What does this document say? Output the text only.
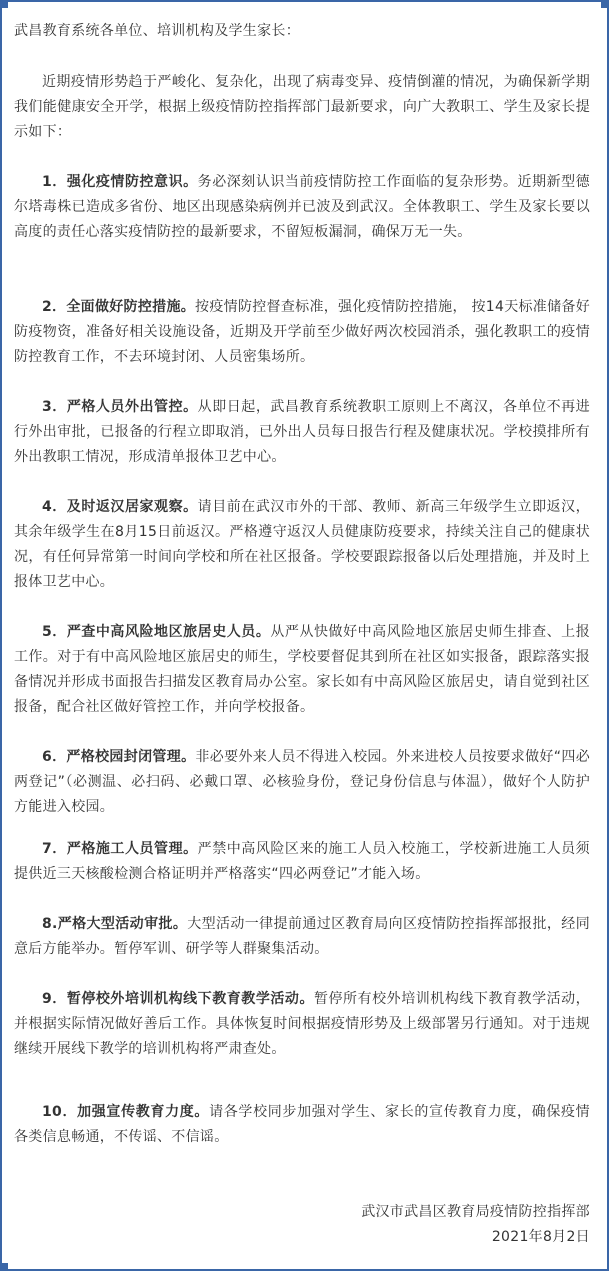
武昌教育系统各单位、培训机构及学生家长：

近期疫情形势趋于严峻化、复杂化，出现了病毒变异、疫情倒灌的情况，为确保新学期我们能健康安全开学，根据上级疫情防控指挥部门最新要求，向广大教职工、学生及家长提示如下：

1．强化疫情防控意识。务必深刻认识当前疫情防控工作面临的复杂形势。近期新型德尔塔毒株已造成多省份、地区出现感染病例并已波及到武汉。全体教职工、学生及家长要以高度的责任心落实疫情防控的最新要求，不留短板漏洞，确保万无一失。

2．全面做好防控措施。按疫情防控督查标准，强化疫情防控措施， 按14天标准储备好防疫物资，准备好相关设施设备，近期及开学前至少做好两次校园消杀，强化教职工的疫情防控教育工作，不去环境封闭、人员密集场所。

3．严格人员外出管控。从即日起，武昌教育系统教职工原则上不离汉，各单位不再进行外出审批，已报备的行程立即取消，已外出人员每日报告行程及健康状况。学校摸排所有外出教职工情况，形成清单报体卫艺中心。

4．及时返汉居家观察。请目前在武汉市外的干部、教师、新高三年级学生立即返汉，其余年级学生在8月15日前返汉。严格遵守返汉人员健康防疫要求，持续关注自己的健康状况，有任何异常第一时间向学校和所在社区报备。学校要跟踪报备以后处理措施，并及时上报体卫艺中心。

5．严查中高风险地区旅居史人员。从严从快做好中高风险地区旅居史师生排查、上报工作。对于有中高风险地区旅居史的师生，学校要督促其到所在社区如实报备，跟踪落实报备情况并形成书面报告扫描发区教育局办公室。家长如有中高风险区旅居史，请自觉到社区报备，配合社区做好管控工作，并向学校报备。

6．严格校园封闭管理。非必要外来人员不得进入校园。外来进校人员按要求做好“四必两登记”（必测温、必扫码、必戴口罩、必核验身份，登记身份信息与体温），做好个人防护方能进入校园。

7．严格施工人员管理。严禁中高风险区来的施工人员入校施工，学校新进施工人员须提供近三天核酸检测合格证明并严格落实“四必两登记”才能入场。

8.严格大型活动审批。大型活动一律提前通过区教育局向区疫情防控指挥部报批，经同意后方能举办。暂停军训、研学等人群聚集活动。

9．暂停校外培训机构线下教育教学活动。暂停所有校外培训机构线下教育教学活动，并根据实际情况做好善后工作。具体恢复时间根据疫情形势及上级部署另行通知。对于违规继续开展线下教学的培训机构将严肃查处。

10．加强宣传教育力度。请各学校同步加强对学生、家长的宣传教育力度，确保疫情各类信息畅通，不传谣、不信谣。

武汉市武昌区教育局疫情防控指挥部

2021年8月2日
